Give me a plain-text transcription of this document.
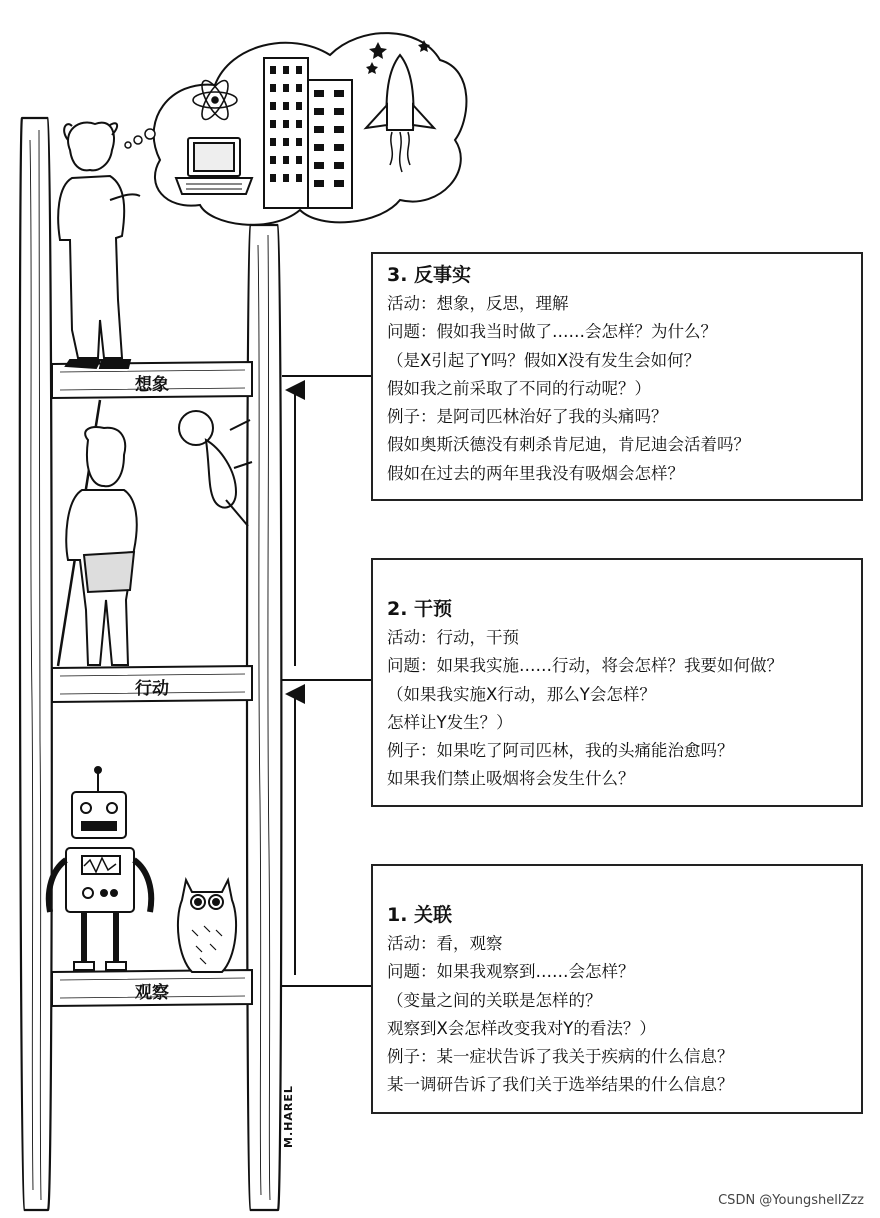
想象
行动
观察
3. 反事实
活动：想象，反思，理解
问题：假如我当时做了……会怎样？为什么？
（是X引起了Y吗？假如X没有发生会如何？
假如我之前采取了不同的行动呢？）
例子：是阿司匹林治好了我的头痛吗？
假如奥斯沃德没有刺杀肯尼迪，肯尼迪会活着吗？
假如在过去的两年里我没有吸烟会怎样？
2. 干预
活动：行动，干预
问题：如果我实施……行动，将会怎样？我要如何做？
（如果我实施X行动，那么Y会怎样？
怎样让Y发生？）
例子：如果吃了阿司匹林，我的头痛能治愈吗？
如果我们禁止吸烟将会发生什么？
1. 关联
活动：看，观察
问题：如果我观察到……会怎样？
（变量之间的关联是怎样的？
观察到X会怎样改变我对Y的看法？）
例子：某一症状告诉了我关于疾病的什么信息？
某一调研告诉了我们关于选举结果的什么信息？
M.HAREL
CSDN @YoungshellZzz
